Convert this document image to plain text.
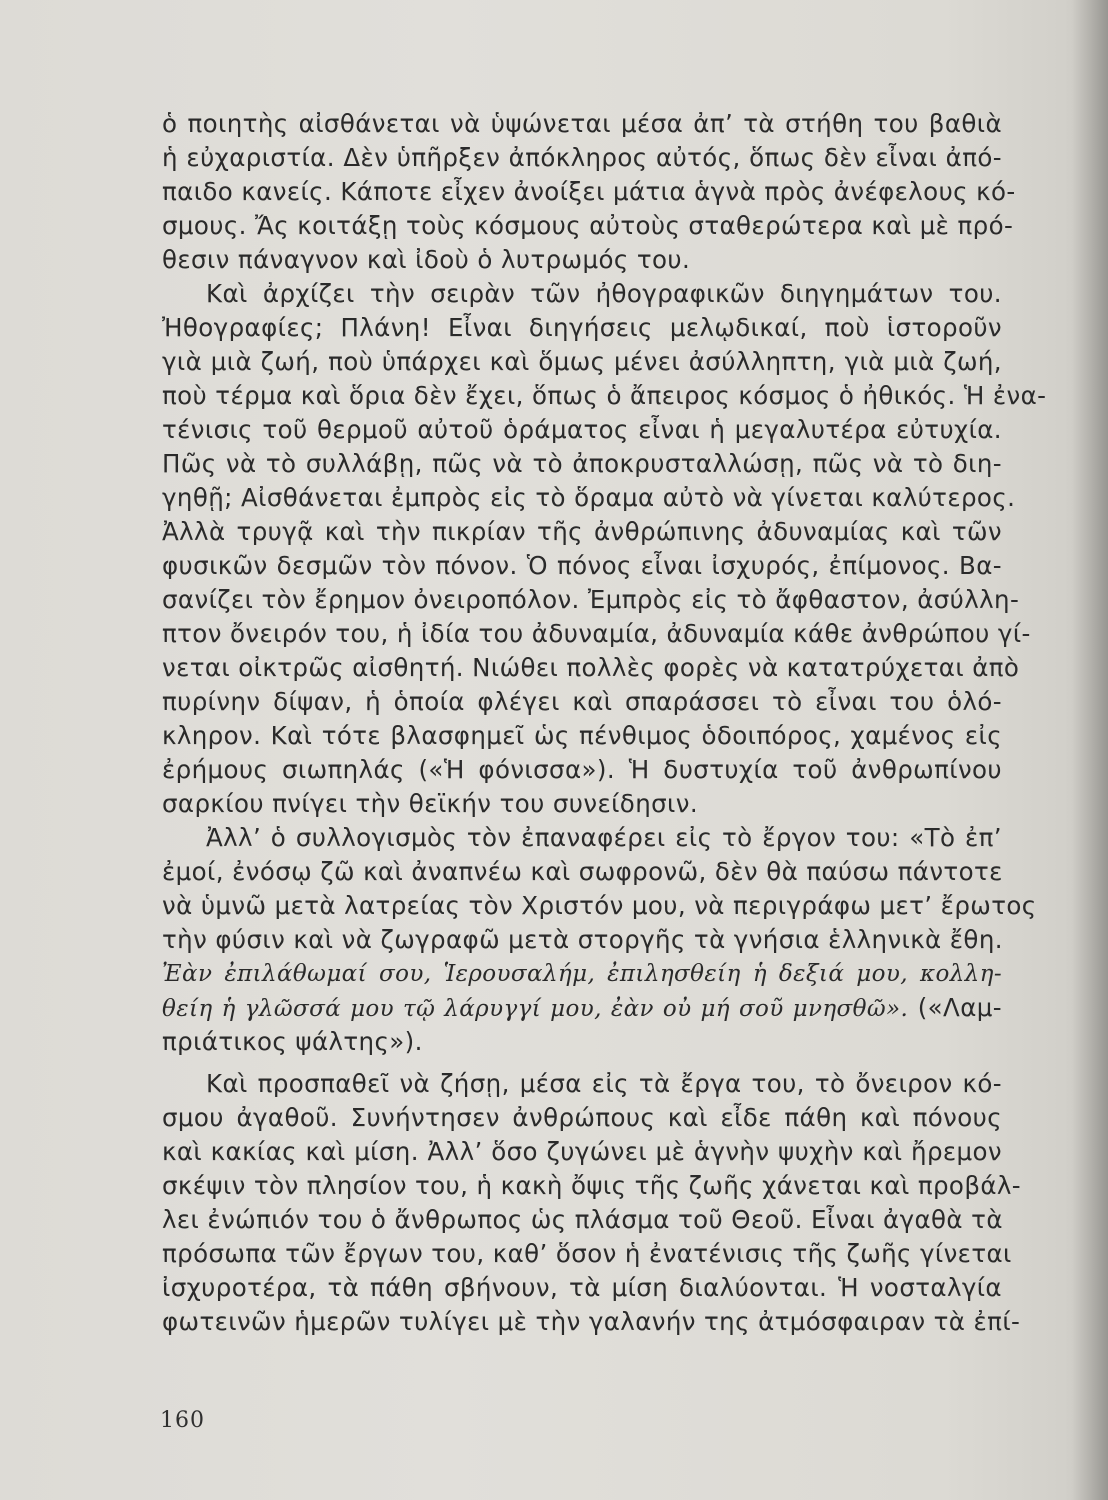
ὁ ποιητὴς αἰσθάνεται νὰ ὑψώνεται μέσα ἀπ’ τὰ στήθη του βαθιὰ
ἡ εὐχαριστία. Δὲν ὑπῆρξεν ἀπόκληρος αὐτός, ὅπως δὲν εἶναι ἀπό-
παιδο κανείς. Κάποτε εἶχεν ἀνοίξει μάτια ἁγνὰ πρὸς ἀνέφελους κό-
σμους. Ἄς κοιτάξῃ τοὺς κόσμους αὐτοὺς σταθερώτερα καὶ μὲ πρό-
θεσιν πάναγνον καὶ ἰδοὺ ὁ λυτρωμός του.
Καὶ ἀρχίζει τὴν σειρὰν τῶν ἠθογραφικῶν διηγημάτων του.
Ἠθογραφίες; Πλάνη! Εἶναι διηγήσεις μελῳδικαί, ποὺ ἱστοροῦν
γιὰ μιὰ ζωή, ποὺ ὑπάρχει καὶ ὅμως μένει ἀσύλληπτη, γιὰ μιὰ ζωή,
ποὺ τέρμα καὶ ὅρια δὲν ἔχει, ὅπως ὁ ἄπειρος κόσμος ὁ ἠθικός. Ἡ ἐνα-
τένισις τοῦ θερμοῦ αὐτοῦ ὁράματος εἶναι ἡ μεγαλυτέρα εὐτυχία.
Πῶς νὰ τὸ συλλάβῃ, πῶς νὰ τὸ ἀποκρυσταλλώσῃ, πῶς νὰ τὸ διη-
γηθῇ; Αἰσθάνεται ἐμπρὸς εἰς τὸ ὅραμα αὐτὸ νὰ γίνεται καλύτερος.
Ἀλλὰ τρυγᾷ καὶ τὴν πικρίαν τῆς ἀνθρώπινης ἀδυναμίας καὶ τῶν
φυσικῶν δεσμῶν τὸν πόνον. Ὁ πόνος εἶναι ἰσχυρός, ἐπίμονος. Βα-
σανίζει τὸν ἔρημον ὀνειροπόλον. Ἐμπρὸς εἰς τὸ ἄφθαστον, ἀσύλλη-
πτον ὄνειρόν του, ἡ ἰδία του ἀδυναμία, ἀδυναμία κάθε ἀνθρώπου γί-
νεται οἰκτρῶς αἰσθητή. Νιώθει πολλὲς φορὲς νὰ κατατρύχεται ἀπὸ
πυρίνην δίψαν, ἡ ὁποία φλέγει καὶ σπαράσσει τὸ εἶναι του ὁλό-
κληρον. Καὶ τότε βλασφημεῖ ὡς πένθιμος ὁδοιπόρος, χαμένος εἰς
ἐρήμους σιωπηλάς («Ἡ φόνισσα»). Ἡ δυστυχία τοῦ ἀνθρωπίνου
σαρκίου πνίγει τὴν θεϊκήν του συνείδησιν.
Ἀλλ’ ὁ συλλογισμὸς τὸν ἐπαναφέρει εἰς τὸ ἔργον του: «Τὸ ἐπ’
ἐμοί, ἐνόσῳ ζῶ καὶ ἀναπνέω καὶ σωφρονῶ, δὲν θὰ παύσω πάντοτε
νὰ ὑμνῶ μετὰ λατρείας τὸν Χριστόν μου, νὰ περιγράφω μετ’ ἔρωτος
τὴν φύσιν καὶ νὰ ζωγραφῶ μετὰ στοργῆς τὰ γνήσια ἑλληνικὰ ἔθη.
Ἐὰν ἐπιλάθωμαί σου, Ἱερουσαλήμ, ἐπιλησθείη ἡ δεξιά μου, κολλη-
θείη ἡ γλῶσσά μου τῷ λάρυγγί μου, ἐὰν οὐ μή σοῦ μνησθῶ». («Λαμ-
πριάτικος ψάλτης»).
Καὶ προσπαθεῖ νὰ ζήσῃ, μέσα εἰς τὰ ἔργα του, τὸ ὄνειρον κό-
σμου ἀγαθοῦ. Συνήντησεν ἀνθρώπους καὶ εἶδε πάθη καὶ πόνους
καὶ κακίας καὶ μίση. Ἀλλ’ ὅσο ζυγώνει μὲ ἁγνὴν ψυχὴν καὶ ἤρεμον
σκέψιν τὸν πλησίον του, ἡ κακὴ ὄψις τῆς ζωῆς χάνεται καὶ προβάλ-
λει ἐνώπιόν του ὁ ἄνθρωπος ὡς πλάσμα τοῦ Θεοῦ. Εἶναι ἀγαθὰ τὰ
πρόσωπα τῶν ἔργων του, καθ’ ὅσον ἡ ἐνατένισις τῆς ζωῆς γίνεται
ἰσχυροτέρα, τὰ πάθη σβήνουν, τὰ μίση διαλύονται. Ἡ νοσταλγία
φωτεινῶν ἡμερῶν τυλίγει μὲ τὴν γαλανήν της ἀτμόσφαιραν τὰ ἐπί-
160
